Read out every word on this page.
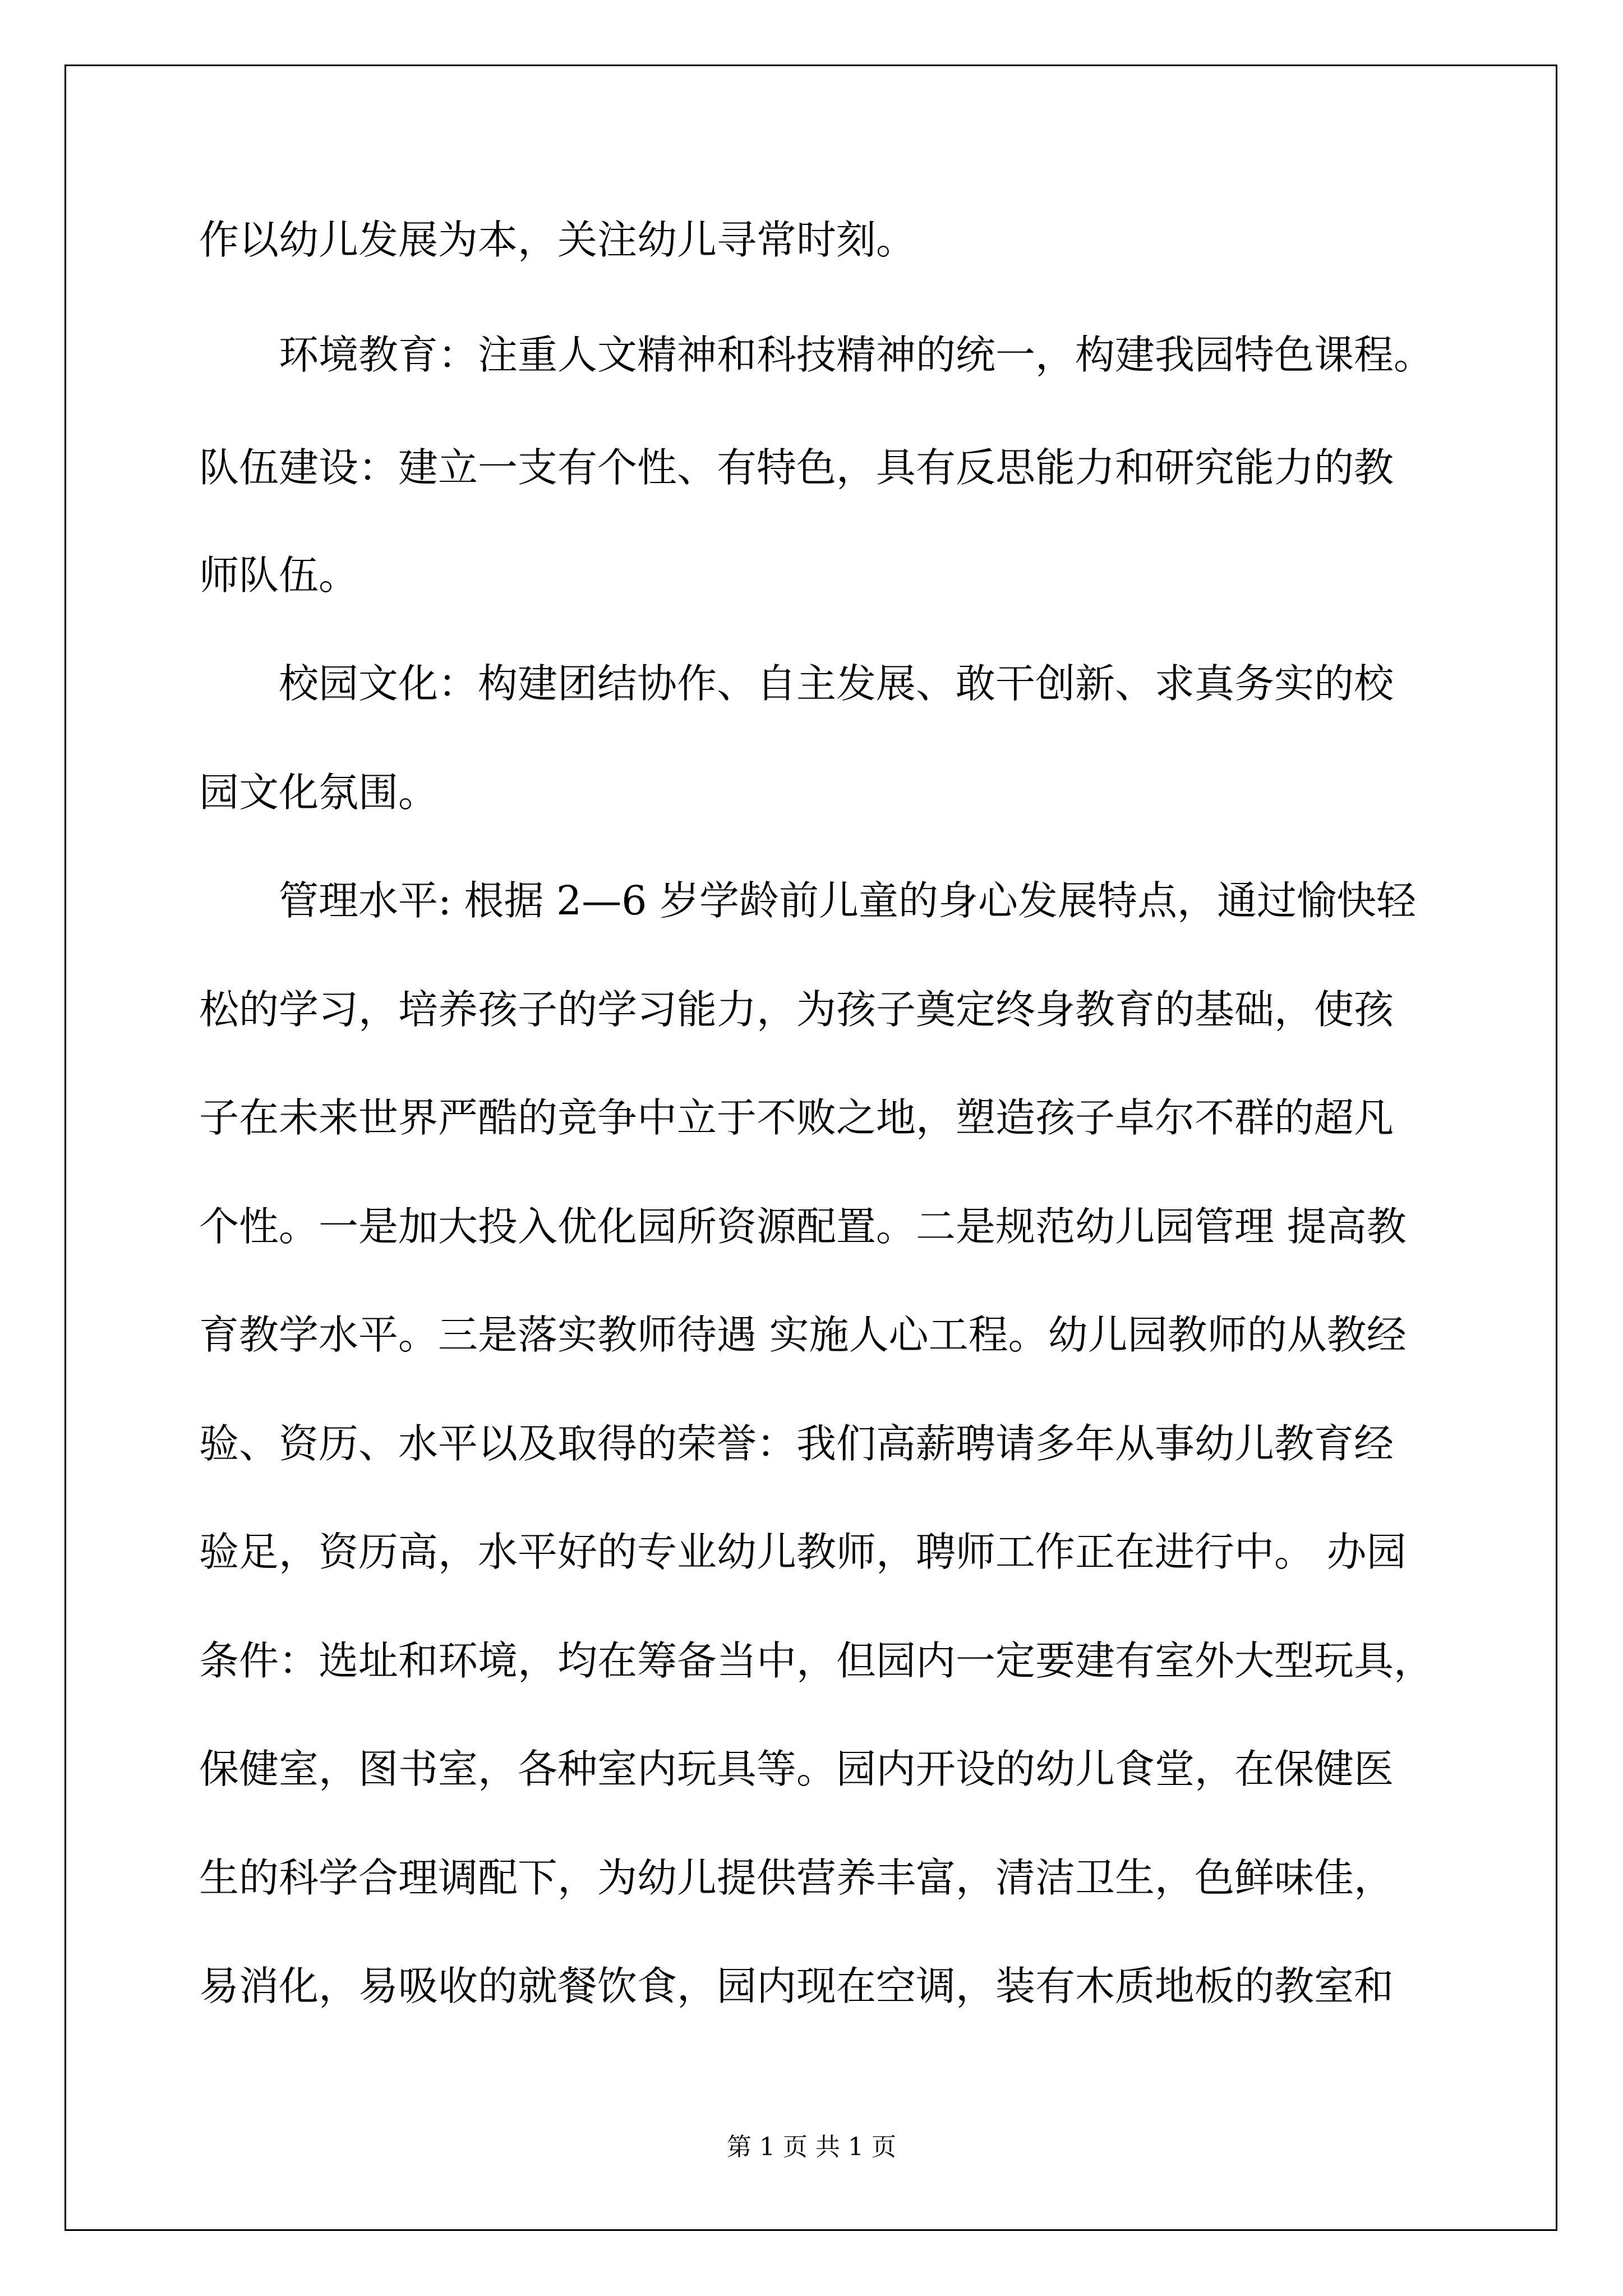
作以幼儿发展为本，关注幼儿寻常时刻。

环境教育：注重人文精神和科技精神的统一，构建我园特色课程。

队伍建设：建立一支有个性、有特色，具有反思能力和研究能力的教

师队伍。

校园文化：构建团结协作、自主发展、敢干创新、求真务实的校

园文化氛围。

管理水平: 根据 2—6 岁学龄前儿童的身心发展特点，通过愉快轻

松的学习，培养孩子的学习能力，为孩子奠定终身教育的基础，使孩

子在未来世界严酷的竞争中立于不败之地，塑造孩子卓尔不群的超凡

个性。一是加大投入优化园所资源配置。二是规范幼儿园管理 提高教

育教学水平。三是落实教师待遇 实施人心工程。幼儿园教师的从教经

验、资历、水平以及取得的荣誉：我们高薪聘请多年从事幼儿教育经

验足，资历高，水平好的专业幼儿教师，聘师工作正在进行中。 办园

条件：选址和环境，均在筹备当中，但园内一定要建有室外大型玩具，

保健室，图书室，各种室内玩具等。园内开设的幼儿食堂，在保健医

生的科学合理调配下，为幼儿提供营养丰富，清洁卫生，色鲜味佳，

易消化，易吸收的就餐饮食，园内现在空调，装有木质地板的教室和

第 1 页 共 1 页
